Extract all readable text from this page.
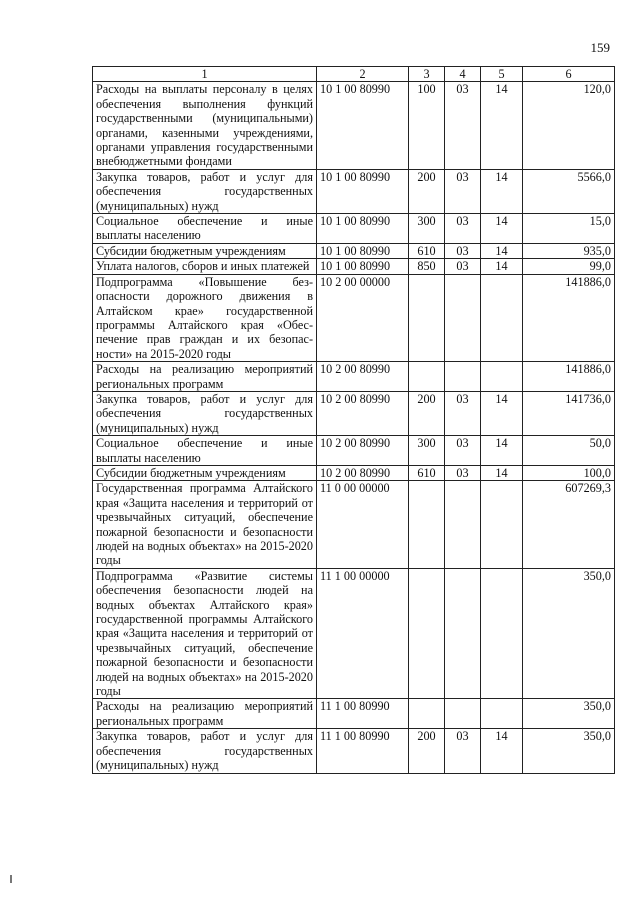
159
1	2	3	4	5	6
Расходы на выплаты персоналу в целях обеспечения выполнения функций государственными (муниципальными) органами, казенными учреждениями, органами управления государственными внебюджетными фондами	10 1 00 80990	100	03	14	120,0
Закупка товаров, работ и услуг для обеспечения государственных (муниципальных) нужд	10 1 00 80990	200	03	14	5566,0
Социальное обеспечение и иные выплаты населению	10 1 00 80990	300	03	14	15,0
Субсидии бюджетным учреждениям	10 1 00 80990	610	03	14	935,0
Уплата налогов, сборов и иных платежей	10 1 00 80990	850	03	14	99,0
Подпрограмма «Повышение безопасности дорожного движения в Алтайском крае» государственной программы Алтайского края «Обеспечение прав граждан и их безопасности» на 2015-2020 годы	10 2 00 00000				141886,0
Расходы на реализацию мероприятий региональных программ	10 2 00 80990				141886,0
Закупка товаров, работ и услуг для обеспечения государственных (муниципальных) нужд	10 2 00 80990	200	03	14	141736,0
Социальное обеспечение и иные выплаты населению	10 2 00 80990	300	03	14	50,0
Субсидии бюджетным учреждениям	10 2 00 80990	610	03	14	100,0
Государственная программа Алтайского края «Защита населения и территорий от чрезвычайных ситуаций, обеспечение пожарной безопасности и безопасности людей на водных объектах» на 2015-2020 годы	11 0 00 00000				607269,3
Подпрограмма «Развитие системы обеспечения безопасности людей на водных объектах Алтайского края» государственной программы Алтайского края «Защита населения и территорий от чрезвычайных ситуаций, обеспечение пожарной безопасности и безопасности людей на водных объектах» на 2015-2020 годы	11 1 00 00000				350,0
Расходы на реализацию мероприятий региональных программ	11 1 00 80990				350,0
Закупка товаров, работ и услуг для обеспечения государственных (муниципальных) нужд	11 1 00 80990	200	03	14	350,0
